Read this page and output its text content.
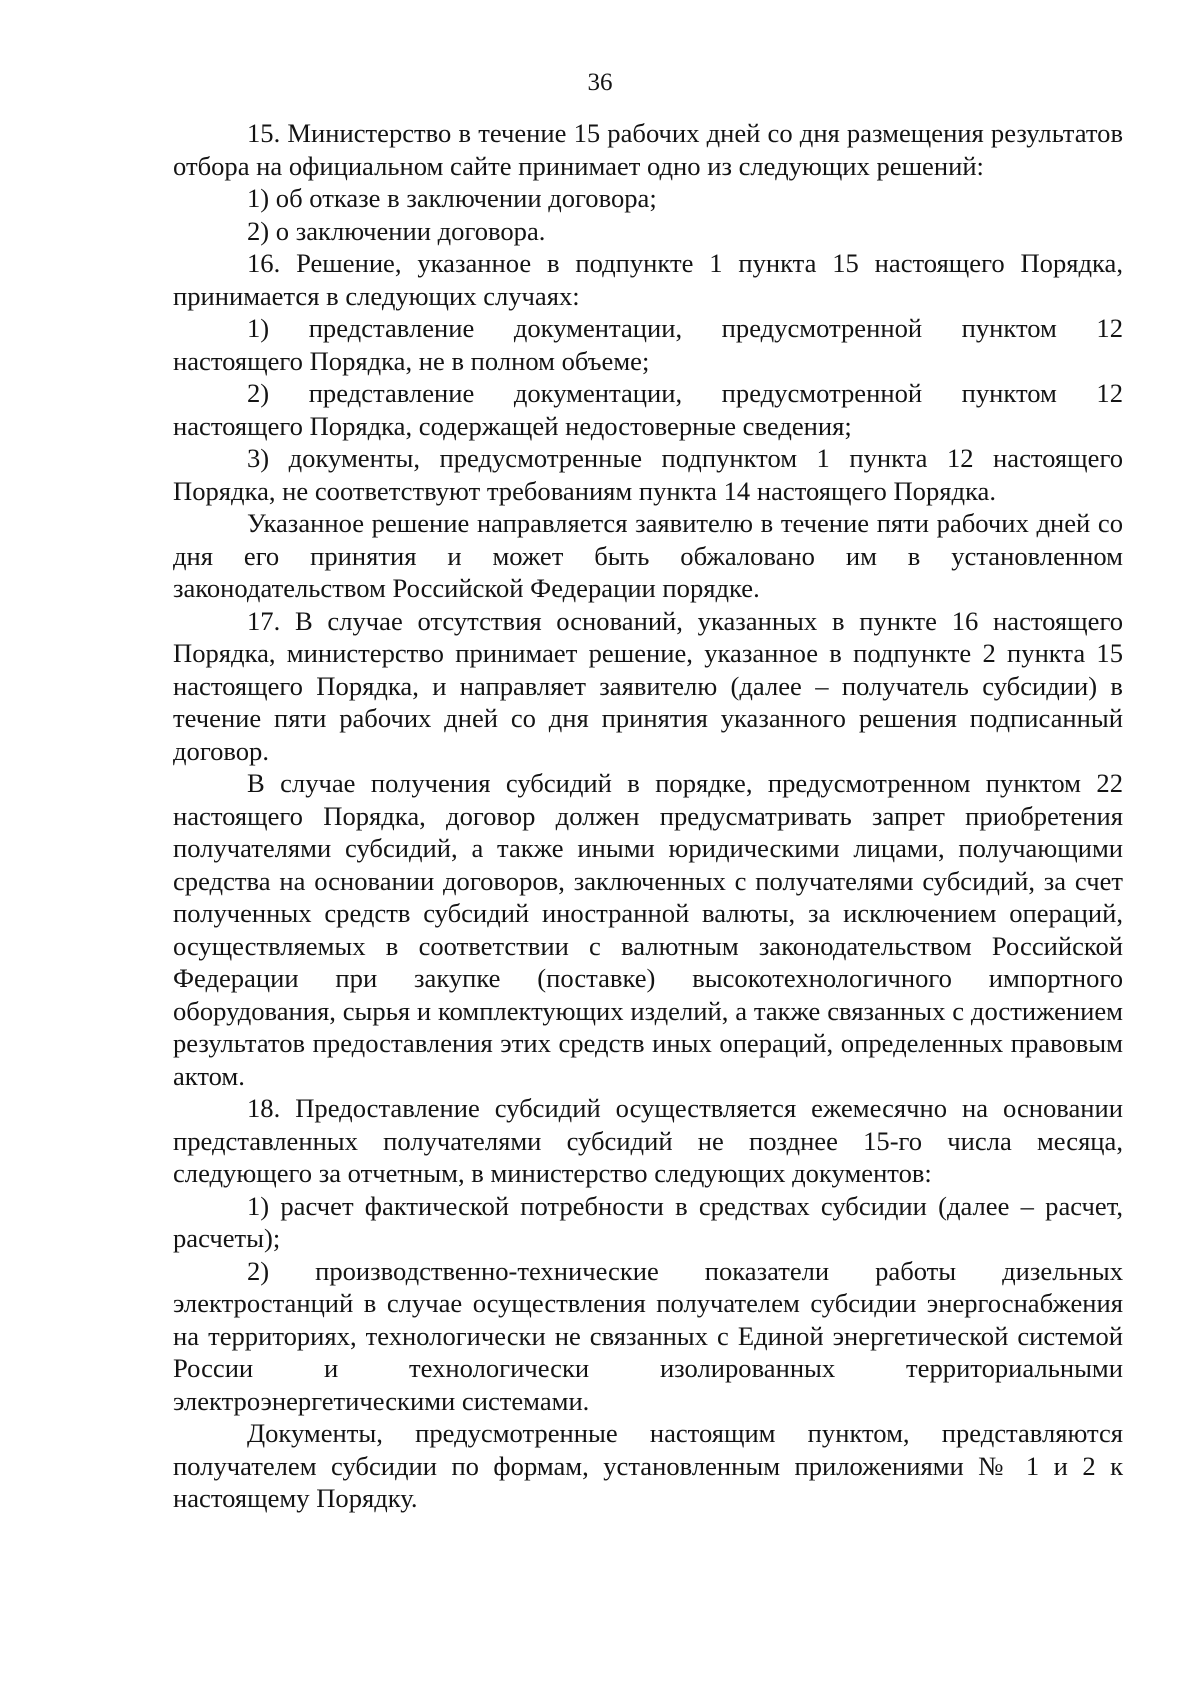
36

15. Министерство в течение 15 рабочих дней со дня размещения результатов отбора на официальном сайте принимает одно из следующих решений:

1) об отказе в заключении договора;

2) о заключении договора.

16. Решение, указанное в подпункте 1 пункта 15 настоящего Порядка, принимается в следующих случаях:

1) представление документации, предусмотренной пунктом 12

настоящего Порядка, не в полном объеме;

2) представление документации, предусмотренной пунктом 12

настоящего Порядка, содержащей недостоверные сведения;

3) документы, предусмотренные подпунктом 1 пункта 12 настоящего Порядка, не соответствуют требованиям пункта 14 настоящего Порядка.

Указанное решение направляется заявителю в течение пяти рабочих дней со дня его принятия и может быть обжаловано им в установленном законодательством Российской Федерации порядке.

17. В случае отсутствия оснований, указанных в пункте 16 настоящего Порядка, министерство принимает решение, указанное в подпункте 2 пункта 15 настоящего Порядка, и направляет заявителю (далее – получатель субсидии) в течение пяти рабочих дней со дня принятия указанного решения подписанный договор.

В случае получения субсидий в порядке, предусмотренном пунктом 22 настоящего Порядка, договор должен предусматривать запрет приобретения получателями субсидий, а также иными юридическими лицами, получающими средства на основании договоров, заключенных с получателями субсидий, за счет полученных средств субсидий иностранной валюты, за исключением операций, осуществляемых в соответствии с валютным законодательством Российской Федерации при закупке (поставке) высокотехнологичного импортного оборудования, сырья и комплектующих изделий, а также связанных с достижением результатов предоставления этих средств иных операций, определенных правовым актом.

18. Предоставление субсидий осуществляется ежемесячно на основании представленных получателями субсидий не позднее 15-го числа месяца, следующего за отчетным, в министерство следующих документов:

1) расчет фактической потребности в средствах субсидии (далее – расчет, расчеты);

2) производственно-технические показатели работы дизельных электростанций в случае осуществления получателем субсидии энергоснабжения на территориях, технологически не связанных с Единой энергетической системой России и технологически изолированных территориальными электроэнергетическими системами.

Документы, предусмотренные настоящим пунктом, представляются получателем субсидии по формам, установленным приложениями № 1 и 2 к настоящему Порядку.
